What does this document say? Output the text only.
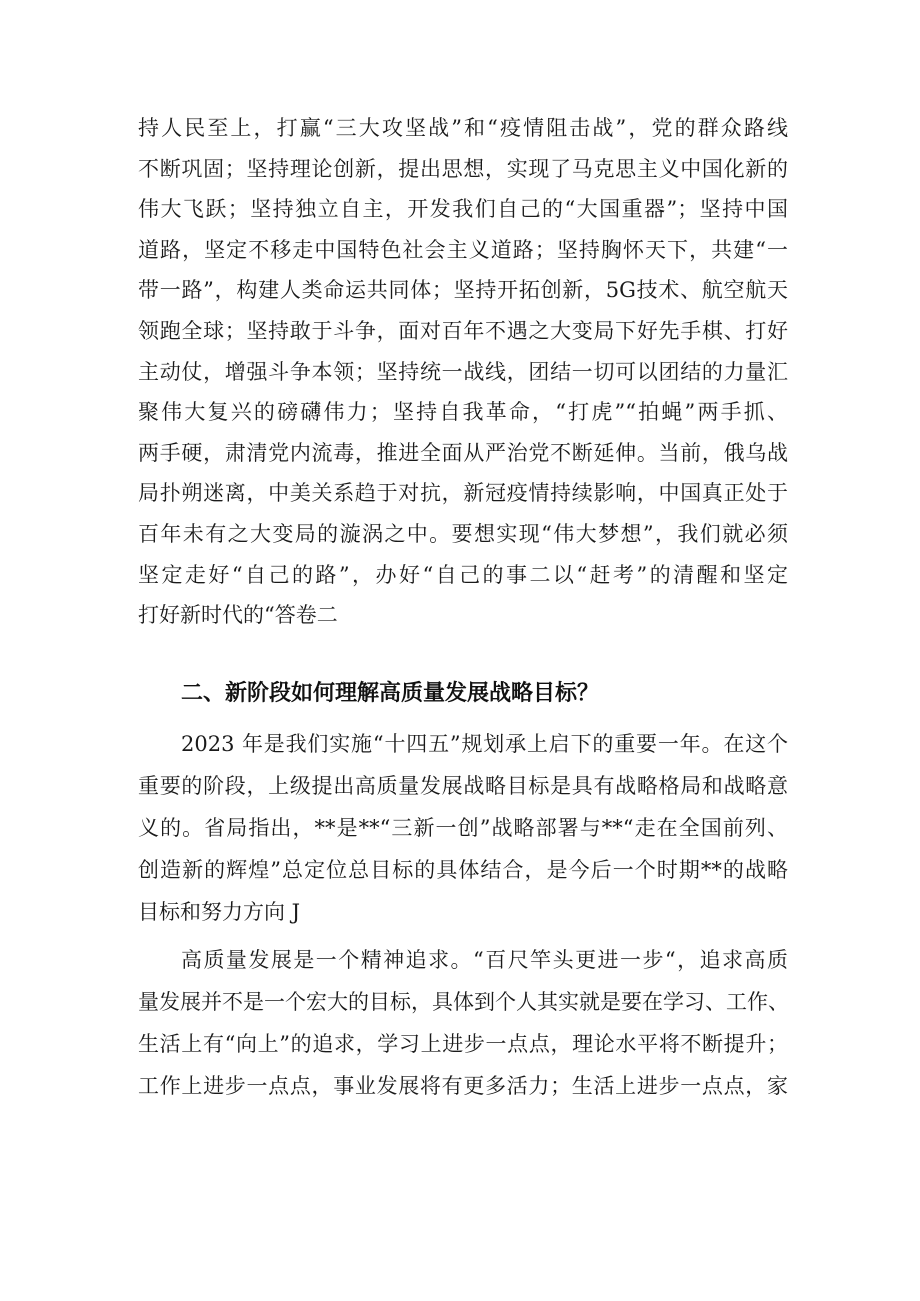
持人民至上，打赢“三大攻坚战”和“疫情阻击战”，党的群众路线
不断巩固；坚持理论创新，提出思想，实现了马克思主义中国化新的
伟大飞跃；坚持独立自主，开发我们自己的“大国重器”；坚持中国
道路，坚定不移走中国特色社会主义道路；坚持胸怀天下，共建“一
带一路”，构建人类命运共同体；坚持开拓创新，5G技术、航空航天
领跑全球；坚持敢于斗争，面对百年不遇之大变局下好先手棋、打好
主动仗，增强斗争本领；坚持统一战线，团结一切可以团结的力量汇
聚伟大复兴的磅礴伟力；坚持自我革命，“打虎”“拍蝇”两手抓、
两手硬，肃清党内流毒，推进全面从严治党不断延伸。当前，俄乌战
局扑朔迷离，中美关系趋于对抗，新冠疫情持续影响，中国真正处于
百年未有之大变局的漩涡之中。要想实现“伟大梦想”，我们就必须
坚定走好“自己的路”，办好“自己的事二以“赶考”的清醒和坚定
打好新时代的“答卷二
二、新阶段如何理解高质量发展战略目标？
2023 年是我们实施“十四五”规划承上启下的重要一年。在这个
重要的阶段，上级提出高质量发展战略目标是具有战略格局和战略意
义的。省局指出，**是**“三新一创”战略部署与**“走在全国前列、
创造新的辉煌”总定位总目标的具体结合，是今后一个时期**的战略
目标和努力方向 J
高质量发展是一个精神追求。“百尺竿头更进一步“，追求高质
量发展并不是一个宏大的目标，具体到个人其实就是要在学习、工作、
生活上有“向上”的追求，学习上进步一点点，理论水平将不断提升；
工作上进步一点点，事业发展将有更多活力；生活上进步一点点，家
